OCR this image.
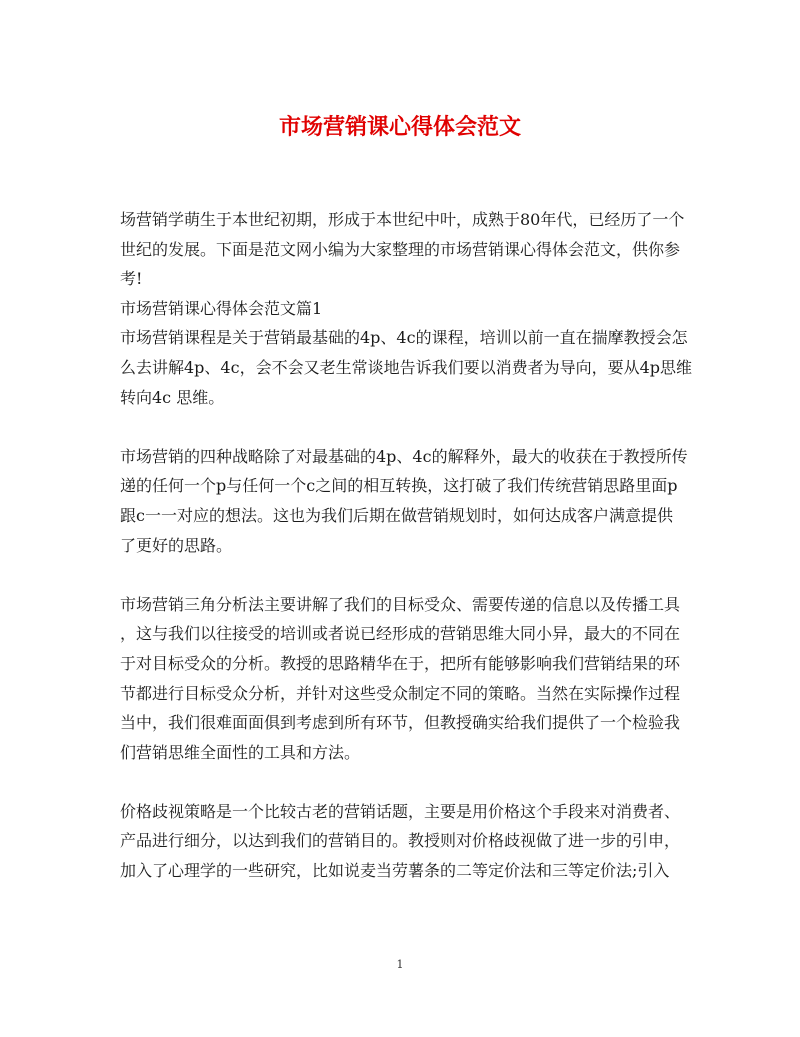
市场营销课心得体会范文
场营销学萌生于本世纪初期，形成于本世纪中叶，成熟于80年代，已经历了一个
世纪的发展。下面是范文网小编为大家整理的市场营销课心得体会范文，供你参
考!
市场营销课心得体会范文篇1
市场营销课程是关于营销最基础的4p、4c的课程，培训以前一直在揣摩教授会怎
么去讲解4p、4c，会不会又老生常谈地告诉我们要以消费者为导向，要从4p思维
转向4c 思维。
市场营销的四种战略除了对最基础的4p、4c的解释外，最大的收获在于教授所传
递的任何一个p与任何一个c之间的相互转换，这打破了我们传统营销思路里面p
跟c一一对应的想法。这也为我们后期在做营销规划时，如何达成客户满意提供
了更好的思路。
市场营销三角分析法主要讲解了我们的目标受众、需要传递的信息以及传播工具
，这与我们以往接受的培训或者说已经形成的营销思维大同小异，最大的不同在
于对目标受众的分析。教授的思路精华在于，把所有能够影响我们营销结果的环
节都进行目标受众分析，并针对这些受众制定不同的策略。当然在实际操作过程
当中，我们很难面面俱到考虑到所有环节，但教授确实给我们提供了一个检验我
们营销思维全面性的工具和方法。
价格歧视策略是一个比较古老的营销话题，主要是用价格这个手段来对消费者、
产品进行细分，以达到我们的营销目的。教授则对价格歧视做了进一步的引申，
加入了心理学的一些研究，比如说麦当劳薯条的二等定价法和三等定价法;引入
1
